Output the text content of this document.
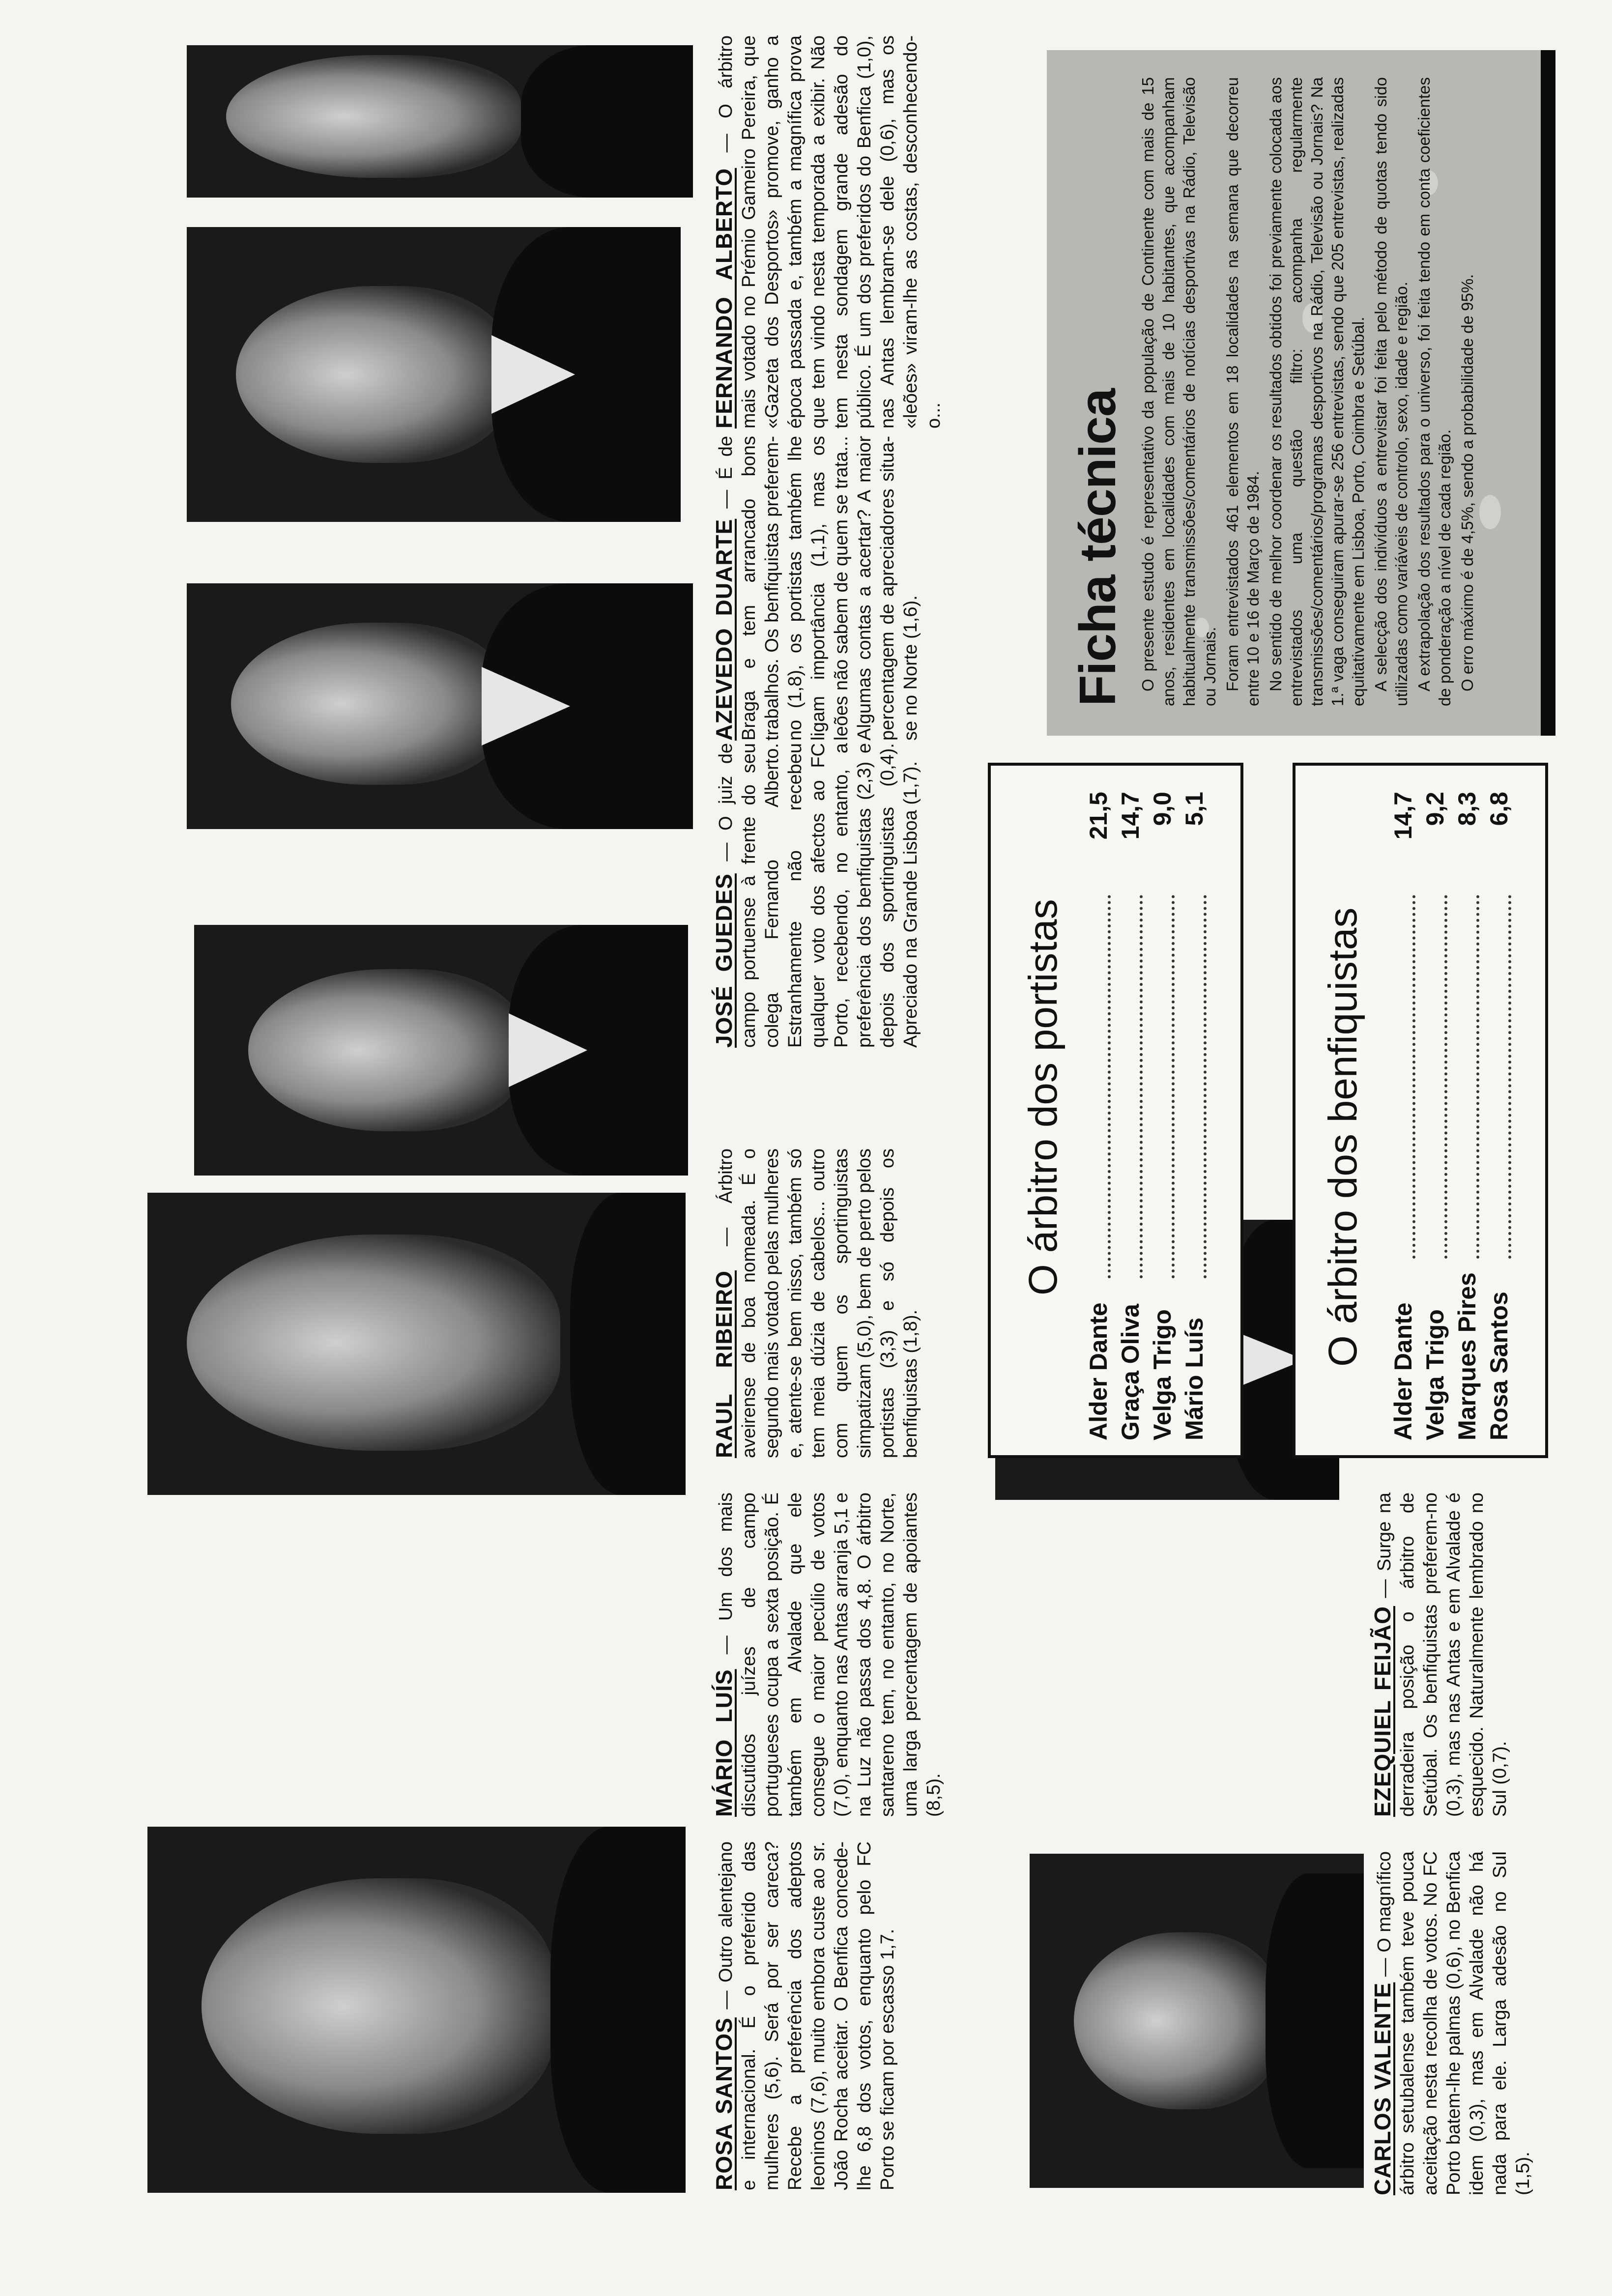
ROSA SANTOS — Outro alentejano e internacional. É o preferido das mulheres (5,6). Será por ser careca? Recebe a preferência dos adeptos leoninos (7,6), muito embora custe ao sr. João Rocha aceitar. O Benfica concede-lhe 6,8 dos votos, enquanto pelo FC Porto se ficam por escasso 1,7.
MÁRIO LUÍS — Um dos mais discutidos juízes de campo portugueses ocupa a sexta posição. É também em Alvalade que ele consegue o maior pecúlio de votos (7,0), enquanto nas Antas arranja 5,1 e na Luz não passa dos 4,8. O árbitro santareno tem, no entanto, no Norte, uma larga percentagem de apoiantes (8,5).
RAUL RIBEIRO — Árbitro aveirense de boa nomeada. É o segundo mais votado pelas mulheres e, atente-se bem nisso, também só tem meia dúzia de cabelos... outro com quem os sportinguistas simpatizam (5,0), bem de perto pelos portistas (3,3) e só depois os benfiquistas (1,8).
JOSÉ GUEDES — O juiz de campo portuense à frente do seu colega Fernando Alberto. Estranhamente não recebeu qualquer voto dos afectos ao FC Porto, recebendo, no entanto, a preferência dos benfiquistas (2,3) e depois dos sportinguistas (0,4). Apreciado na Grande Lisboa (1,7).
AZEVEDO DUARTE — É de Braga e tem arrancado bons trabalhos. Os benfiquistas preferem-no (1,8), os portistas também lhe ligam importância (1,1), mas os leões não sabem de quem se trata... Algumas contas a acertar? A maior percentagem de apreciadores situa-se no Norte (1,6).
FERNANDO ALBERTO — O árbitro mais votado no Prémio Gameiro Pereira, que «Gazeta dos Desportos» promove, ganho a época passada e, também a magnífica prova que tem vindo nesta temporada a exibir. Não tem nesta sondagem grande adesão do público. É um dos preferidos do Benfica (1,0), nas Antas lembram-se dele (0,6), mas os «leões» viram-lhe as costas, desconhecendo-o...
CARLOS VALENTE — O magnífico árbitro setubalense também teve pouca aceitação nesta recolha de votos. No FC Porto batem-lhe palmas (0,6), no Benfica idem (0,3), mas em Alvalade não há nada para ele. Larga adesão no Sul (1,5).
EZEQUIEL FEIJÃO — Surge na derradeira posição o árbitro de Setúbal. Os benfiquistas preferem-no (0,3), mas nas Antas e em Alvalade é esquecido. Naturalmente lembrado no Sul (0,7).
O árbitro dos portistas
Alder Dante
21,5
Graça Oliva
14,7
Velga Trigo
9,0
Mário Luís
5,1
O árbitro dos benfiquistas
Alder Dante
14,7
Velga Trigo
9,2
Marques Pires
8,3
Rosa Santos
6,8
Ficha técnica O presente estudo é representativo da população de Continente com mais de 15 anos, residentes em localidades com mais de 10 habitantes, que acompanham habitualmente transmissões/comentários de notícias desportivas na Rádio, Televisão ou Jornais. Foram entrevistados 461 elementos em 18 localidades na semana que decorreu entre 10 e 16 de Março de 1984. No sentido de melhor coordenar os resultados obtidos foi previamente colocada aos entrevistados uma questão filtro: acompanha regularmente transmissões/comentários/programas desportivos na Rádio, Televisão ou Jornais? Na 1.ª vaga conseguiram apurar-se 256 entrevistas, sendo que 205 entrevistas, realizadas equitativamente em Lisboa, Porto, Coimbra e Setúbal. A selecção dos indivíduos a entrevistar foi feita pelo método de quotas tendo sido utilizadas como variáveis de controlo, sexo, idade e região. A extrapolação dos resultados para o universo, foi feita tendo em conta coeficientes de ponderação a nível de cada região. O erro máximo é de 4,5%, sendo a probabilidade de 95%.
